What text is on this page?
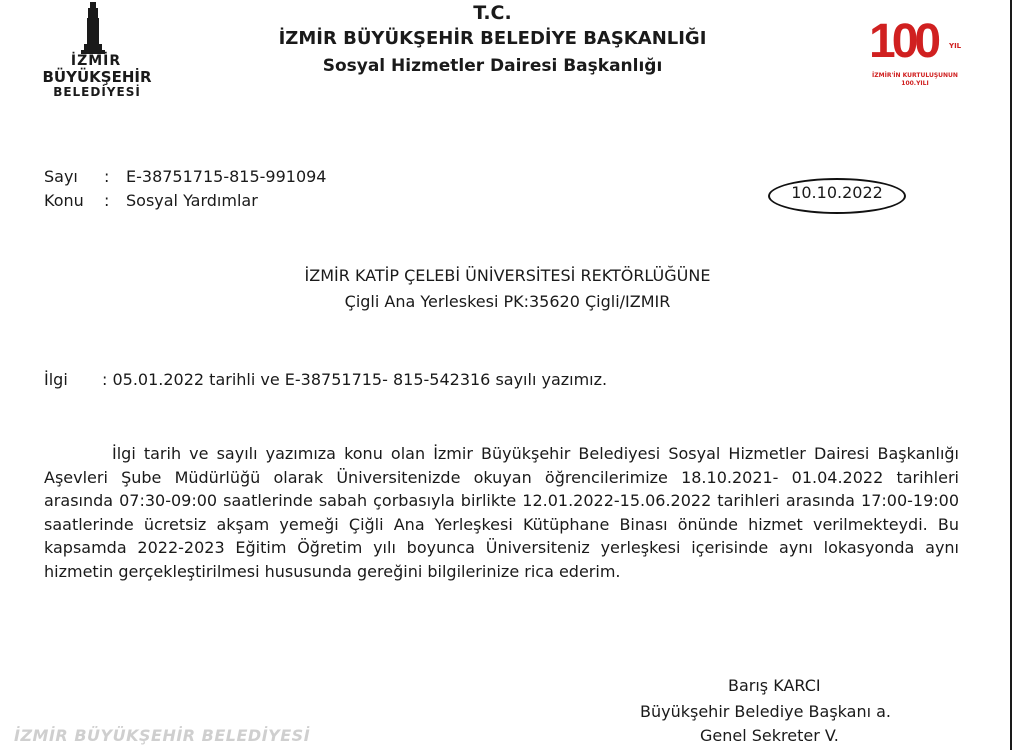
İZMİR
BÜYÜKŞEHİR
BELEDİYESİ
T.C.
İZMİR BÜYÜKŞEHİR BELEDİYE BAŞKANLIĞI
Sosyal Hizmetler Dairesi Başkanlığı	100 YIL
İZMİR'İN KURTULUŞUNUN
100.YILI
Sayı : E-38751715-815-991094
Konu : Sosyal Yardımlar	10.10.2022
İZMİR KATİP ÇELEBİ ÜNİVERSİTESİ REKTÖRLÜĞÜNE
Çigli Ana Yerleskesi PK:35620 Çigli/IZMIR
İlgi : 05.01.2022 tarihli ve E-38751715- 815-542316 sayılı yazımız.

İlgi tarih ve sayılı yazımıza konu olan İzmir Büyükşehir Belediyesi Sosyal Hizmetler Dairesi Başkanlığı Aşevleri Şube Müdürlüğü olarak Üniversitenizde okuyan öğrencilerimize 18.10.2021- 01.04.2022 tarihleri arasında 07:30-09:00 saatlerinde sabah çorbasıyla birlikte 12.01.2022-15.06.2022 tarihleri arasında 17:00-19:00 saatlerinde ücretsiz akşam yemeği Çiğli Ana Yerleşkesi Kütüphane Binası önünde hizmet verilmekteydi. Bu kapsamda 2022-2023 Eğitim Öğretim yılı boyunca Üniversiteniz yerleşkesi içerisinde aynı lokasyonda aynı hizmetin gerçekleştirilmesi hususunda gereğini bilgilerinize rica ederim.

Barış KARCI
Büyükşehir Belediye Başkanı a.
Genel Sekreter V.
İZMİR BÜYÜKŞEHİR BELEDİYESİ
